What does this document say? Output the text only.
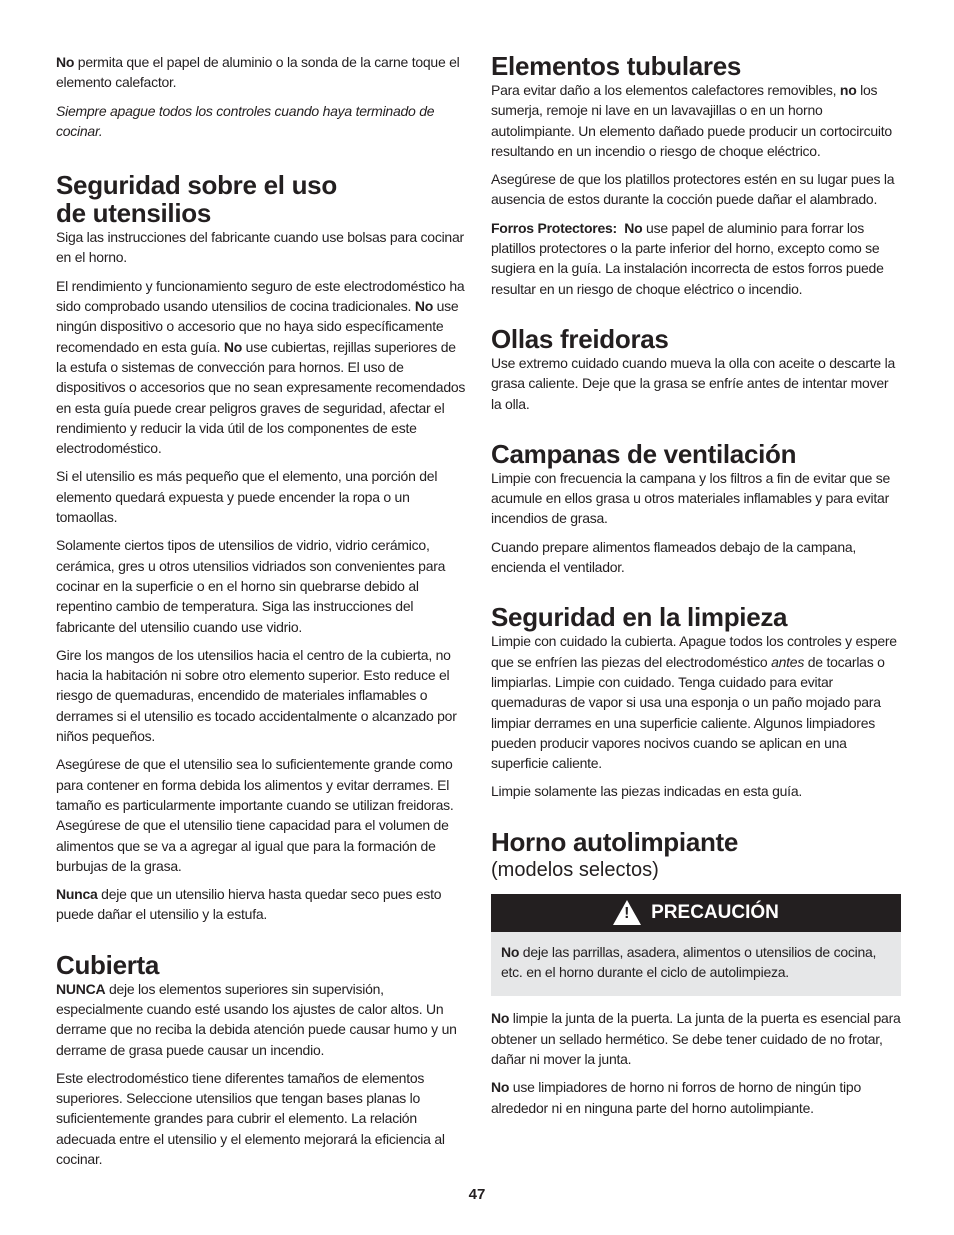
No permita que el papel de aluminio o la sonda de la carne toque el elemento calefactor.

Siempre apague todos los controles cuando haya terminado de cocinar.

Seguridad sobre el uso
de utensilios

Siga las instrucciones del fabricante cuando use bolsas para cocinar en el horno.

El rendimiento y funcionamiento seguro de este electrodoméstico ha sido comprobado usando utensilios de cocina tradicionales. No use ningún dispositivo o accesorio que no haya sido específicamente recomendado en esta guía. No use cubiertas, rejillas superiores de la estufa o sistemas de convección para hornos. El uso de dispositivos o accesorios que no sean expresamente recomendados en esta guía puede crear peligros graves de seguridad, afectar el rendimiento y reducir la vida útil de los componentes de este electrodoméstico.

Si el utensilio es más pequeño que el elemento, una porción del elemento quedará expuesta y puede encender la ropa o un tomaollas.

Solamente ciertos tipos de utensilios de vidrio, vidrio cerámico, cerámica, gres u otros utensilios vidriados son convenientes para cocinar en la superficie o en el horno sin quebrarse debido al repentino cambio de temperatura. Siga las instrucciones del fabricante del utensilio cuando use vidrio.

Gire los mangos de los utensilios hacia el centro de la cubierta, no hacia la habitación ni sobre otro elemento superior. Esto reduce el riesgo de quemaduras, encendido de materiales inflamables o derrames si el utensilio es tocado accidentalmente o alcanzado por niños pequeños.

Asegúrese de que el utensilio sea lo suficientemente grande como para contener en forma debida los alimentos y evitar derrames. El tamaño es particularmente importante cuando se utilizan freidoras. Asegúrese de que el utensilio tiene capacidad para el volumen de alimentos que se va a agregar al igual que para la formación de burbujas de la grasa.

Nunca deje que un utensilio hierva hasta quedar seco pues esto puede dañar el utensilio y la estufa.

Cubierta

NUNCA deje los elementos superiores sin supervisión, especialmente cuando esté usando los ajustes de calor altos. Un derrame que no reciba la debida atención puede causar humo y un derrame de grasa puede causar un incendio.

Este electrodoméstico tiene diferentes tamaños de elementos superiores. Seleccione utensilios que tengan bases planas lo suficientemente grandes para cubrir el elemento. La relación adecuada entre el utensilio y el elemento mejorará la eficiencia al cocinar.

Elementos tubulares

Para evitar daño a los elementos calefactores removibles, no los sumerja, remoje ni lave en un lavavajillas o en un horno autolimpiante. Un elemento dañado puede producir un cortocircuito resultando en un incendio o riesgo de choque eléctrico.

Asegúrese de que los platillos protectores estén en su lugar pues la ausencia de estos durante la cocción puede dañar el alambrado.

Forros Protectores: No use papel de aluminio para forrar los platillos protectores o la parte inferior del horno, excepto como se sugiera en la guía. La instalación incorrecta de estos forros puede resultar en un riesgo de choque eléctrico o incendio.

Ollas freidoras

Use extremo cuidado cuando mueva la olla con aceite o descarte la grasa caliente. Deje que la grasa se enfríe antes de intentar mover la olla.

Campanas de ventilación

Limpie con frecuencia la campana y los filtros a fin de evitar que se acumule en ellos grasa u otros materiales inflamables y para evitar incendios de grasa.

Cuando prepare alimentos flameados debajo de la campana, encienda el ventilador.

Seguridad en la limpieza

Limpie con cuidado la cubierta. Apague todos los controles y espere que se enfríen las piezas del electrodoméstico antes de tocarlas o limpiarlas. Limpie con cuidado. Tenga cuidado para evitar quemaduras de vapor si usa una esponja o un paño mojado para limpiar derrames en una superficie caliente. Algunos limpiadores pueden producir vapores nocivos cuando se aplican en una superficie caliente.

Limpie solamente las piezas indicadas en esta guía.

Horno autolimpiante
(modelos selectos)
! PRECAUCIÓN

No deje las parrillas, asadera, alimentos o utensilios de cocina, etc. en el horno durante el ciclo de autolimpieza.

No limpie la junta de la puerta. La junta de la puerta es esencial para obtener un sellado hermético. Se debe tener cuidado de no frotar, dañar ni mover la junta.

No use limpiadores de horno ni forros de horno de ningún tipo alrededor ni en ninguna parte del horno autolimpiante.

47
